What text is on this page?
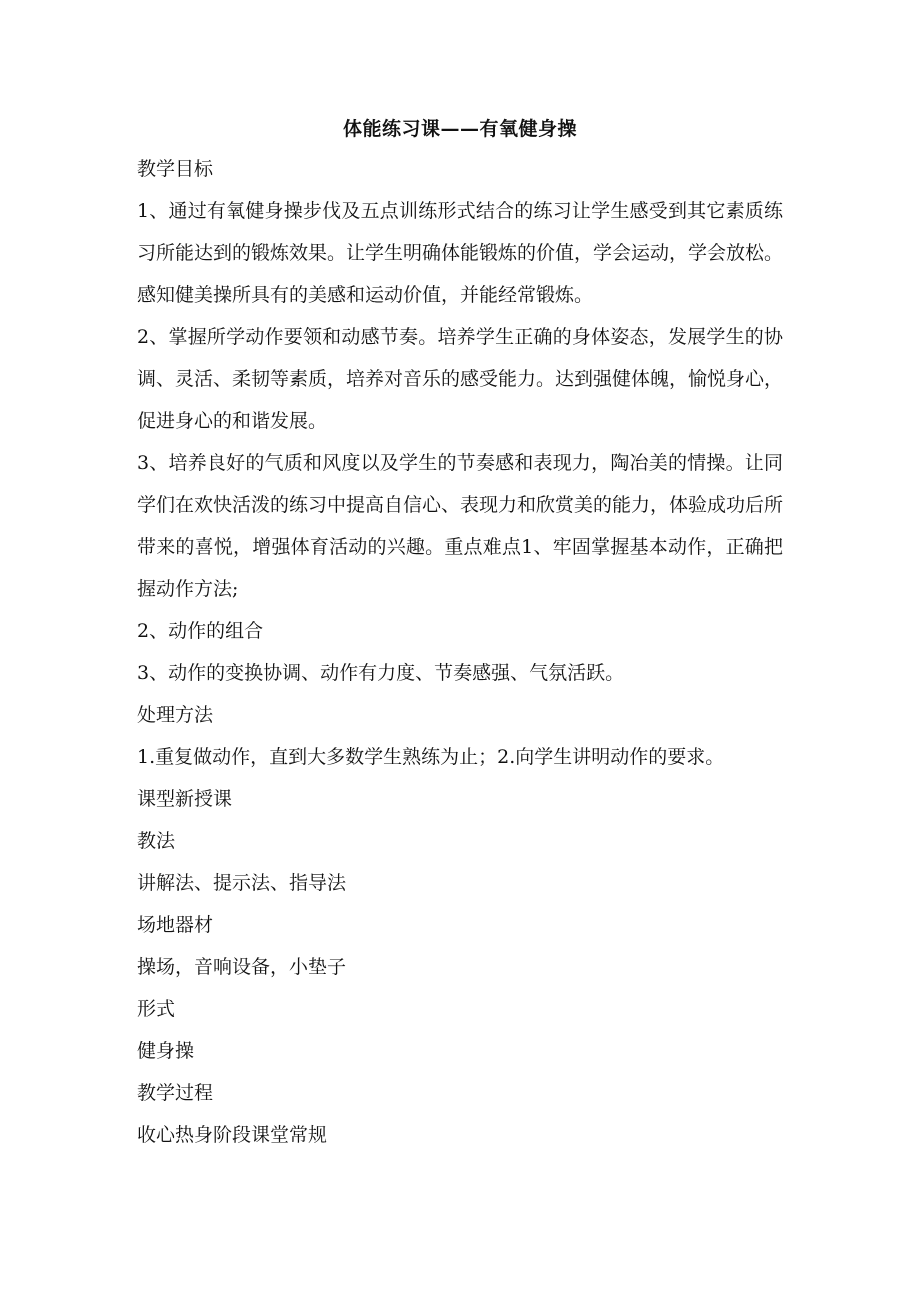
体能练习课——有氧健身操

教学目标

1、通过有氧健身操步伐及五点训练形式结合的练习让学生感受到其它素质练习所能达到的锻炼效果。让学生明确体能锻炼的价值，学会运动，学会放松。感知健美操所具有的美感和运动价值，并能经常锻炼。

2、掌握所学动作要领和动感节奏。培养学生正确的身体姿态，发展学生的协调、灵活、柔韧等素质，培养对音乐的感受能力。达到强健体魄，愉悦身心，促进身心的和谐发展。

3、培养良好的气质和风度以及学生的节奏感和表现力，陶冶美的情操。让同学们在欢快活泼的练习中提高自信心、表现力和欣赏美的能力，体验成功后所带来的喜悦，增强体育活动的兴趣。重点难点1、牢固掌握基本动作，正确把握动作方法;

2、动作的组合

3、动作的变换协调、动作有力度、节奏感强、气氛活跃。

处理方法

1.重复做动作，直到大多数学生熟练为止；2.向学生讲明动作的要求。

课型新授课

教法

讲解法、提示法、指导法

场地器材

操场，音响设备，小垫子

形式

健身操

教学过程

收心热身阶段课堂常规
